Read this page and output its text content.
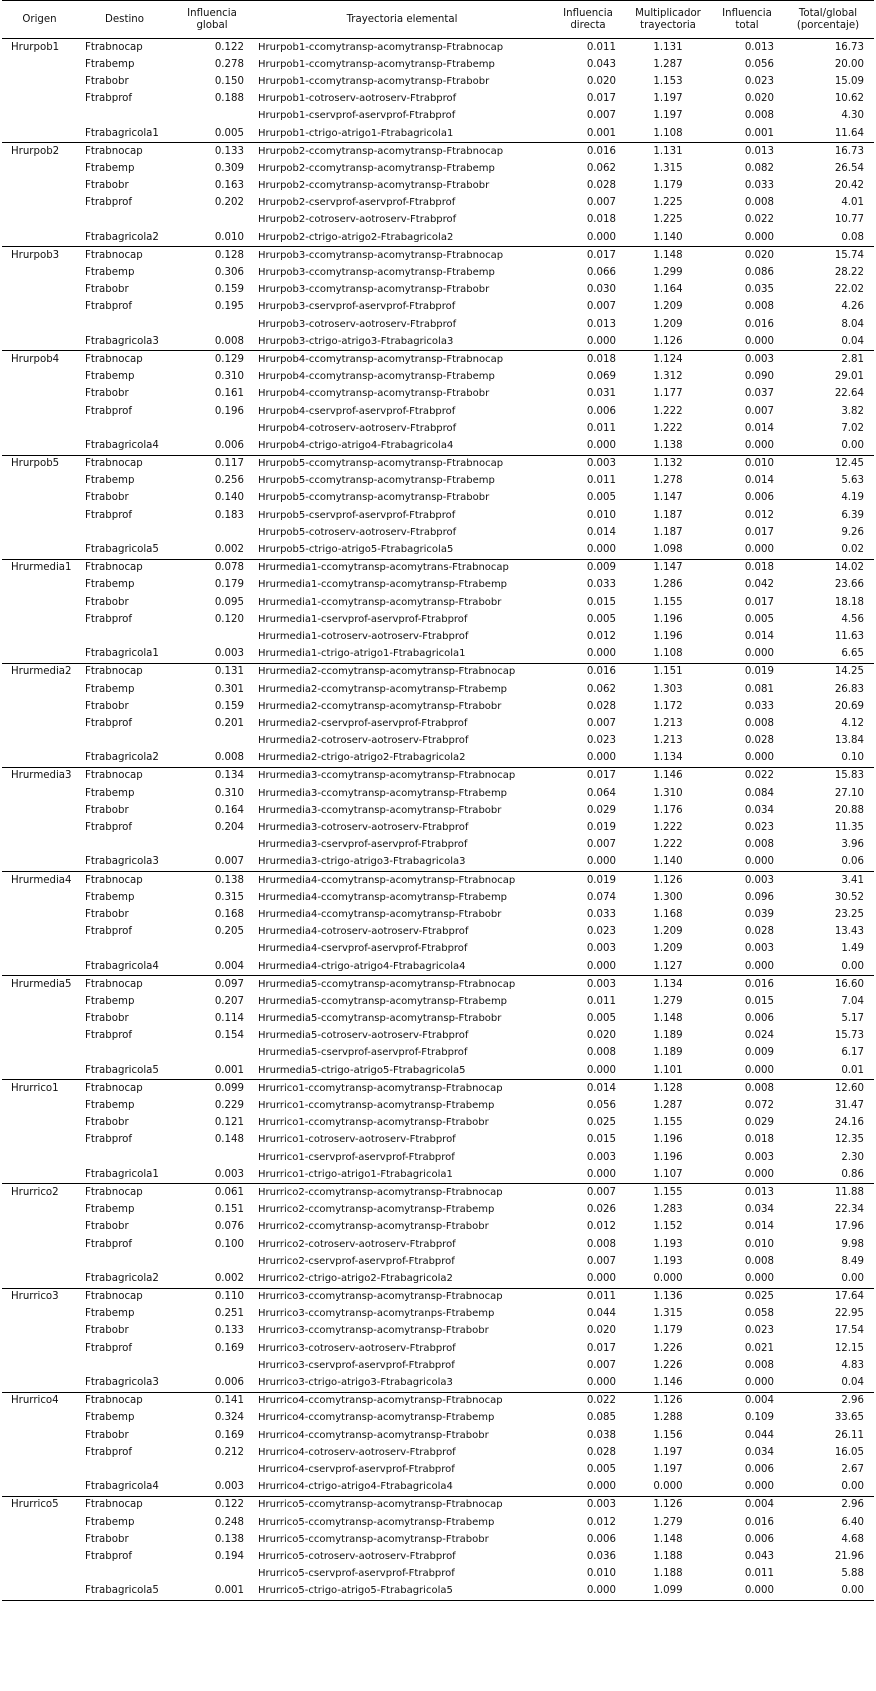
Origen	Destino	Influencia global	Trayectoria elemental	Influencia directa	Multiplicador trayectoria	Influencia total	Total/global (porcentaje)
Hrurpob1	Ftrabnocap	0.122	Hrurpob1-ccomytransp-acomytransp-Ftrabnocap	0.011	1.131	0.013	16.73
	Ftrabemp	0.278	Hrurpob1-ccomytransp-acomytransp-Ftrabemp	0.043	1.287	0.056	20.00
	Ftrabobr	0.150	Hrurpob1-ccomytransp-acomytransp-Ftrabobr	0.020	1.153	0.023	15.09
	Ftrabprof	0.188	Hrurpob1-cotroserv-aotroserv-Ftrabprof	0.017	1.197	0.020	10.62
			Hrurpob1-cservprof-aservprof-Ftrabprof	0.007	1.197	0.008	4.30
	Ftrabagricola1	0.005	Hrurpob1-ctrigo-atrigo1-Ftrabagricola1	0.001	1.108	0.001	11.64
Hrurpob2	Ftrabnocap	0.133	Hrurpob2-ccomytransp-acomytransp-Ftrabnocap	0.016	1.131	0.013	16.73
	Ftrabemp	0.309	Hrurpob2-ccomytransp-acomytransp-Ftrabemp	0.062	1.315	0.082	26.54
	Ftrabobr	0.163	Hrurpob2-ccomytransp-acomytransp-Ftrabobr	0.028	1.179	0.033	20.42
	Ftrabprof	0.202	Hrurpob2-cservprof-aservprof-Ftrabprof	0.007	1.225	0.008	4.01
			Hrurpob2-cotroserv-aotroserv-Ftrabprof	0.018	1.225	0.022	10.77
	Ftrabagricola2	0.010	Hrurpob2-ctrigo-atrigo2-Ftrabagricola2	0.000	1.140	0.000	0.08
Hrurpob3	Ftrabnocap	0.128	Hrurpob3-ccomytransp-acomytransp-Ftrabnocap	0.017	1.148	0.020	15.74
	Ftrabemp	0.306	Hrurpob3-ccomytransp-acomytransp-Ftrabemp	0.066	1.299	0.086	28.22
	Ftrabobr	0.159	Hrurpob3-ccomytransp-acomytransp-Ftrabobr	0.030	1.164	0.035	22.02
	Ftrabprof	0.195	Hrurpob3-cservprof-aservprof-Ftrabprof	0.007	1.209	0.008	4.26
			Hrurpob3-cotroserv-aotroserv-Ftrabprof	0.013	1.209	0.016	8.04
	Ftrabagricola3	0.008	Hrurpob3-ctrigo-atrigo3-Ftrabagricola3	0.000	1.126	0.000	0.04
Hrurpob4	Ftrabnocap	0.129	Hrurpob4-ccomytransp-acomytransp-Ftrabnocap	0.018	1.124	0.003	2.81
	Ftrabemp	0.310	Hrurpob4-ccomytransp-acomytransp-Ftrabemp	0.069	1.312	0.090	29.01
	Ftrabobr	0.161	Hrurpob4-ccomytransp-acomytransp-Ftrabobr	0.031	1.177	0.037	22.64
	Ftrabprof	0.196	Hrurpob4-cservprof-aservprof-Ftrabprof	0.006	1.222	0.007	3.82
			Hrurpob4-cotroserv-aotroserv-Ftrabprof	0.011	1.222	0.014	7.02
	Ftrabagricola4	0.006	Hrurpob4-ctrigo-atrigo4-Ftrabagricola4	0.000	1.138	0.000	0.00
Hrurpob5	Ftrabnocap	0.117	Hrurpob5-ccomytransp-acomytransp-Ftrabnocap	0.003	1.132	0.010	12.45
	Ftrabemp	0.256	Hrurpob5-ccomytransp-acomytransp-Ftrabemp	0.011	1.278	0.014	5.63
	Ftrabobr	0.140	Hrurpob5-ccomytransp-acomytransp-Ftrabobr	0.005	1.147	0.006	4.19
	Ftrabprof	0.183	Hrurpob5-cservprof-aservprof-Ftrabprof	0.010	1.187	0.012	6.39
			Hrurpob5-cotroserv-aotroserv-Ftrabprof	0.014	1.187	0.017	9.26
	Ftrabagricola5	0.002	Hrurpob5-ctrigo-atrigo5-Ftrabagricola5	0.000	1.098	0.000	0.02
Hrurmedia1	Ftrabnocap	0.078	Hrurmedia1-ccomytransp-acomytrans-Ftrabnocap	0.009	1.147	0.018	14.02
	Ftrabemp	0.179	Hrurmedia1-ccomytransp-acomytransp-Ftrabemp	0.033	1.286	0.042	23.66
	Ftrabobr	0.095	Hrurmedia1-ccomytransp-acomytransp-Ftrabobr	0.015	1.155	0.017	18.18
	Ftrabprof	0.120	Hrurmedia1-cservprof-aservprof-Ftrabprof	0.005	1.196	0.005	4.56
			Hrurmedia1-cotroserv-aotroserv-Ftrabprof	0.012	1.196	0.014	11.63
	Ftrabagricola1	0.003	Hrurmedia1-ctrigo-atrigo1-Ftrabagricola1	0.000	1.108	0.000	6.65
Hrurmedia2	Ftrabnocap	0.131	Hrurmedia2-ccomytransp-acomytransp-Ftrabnocap	0.016	1.151	0.019	14.25
	Ftrabemp	0.301	Hrurmedia2-ccomytransp-acomytransp-Ftrabemp	0.062	1.303	0.081	26.83
	Ftrabobr	0.159	Hrurmedia2-ccomytransp-acomytransp-Ftrabobr	0.028	1.172	0.033	20.69
	Ftrabprof	0.201	Hrurmedia2-cservprof-aservprof-Ftrabprof	0.007	1.213	0.008	4.12
			Hrurmedia2-cotroserv-aotroserv-Ftrabprof	0.023	1.213	0.028	13.84
	Ftrabagricola2	0.008	Hrurmedia2-ctrigo-atrigo2-Ftrabagricola2	0.000	1.134	0.000	0.10
Hrurmedia3	Ftrabnocap	0.134	Hrurmedia3-ccomytransp-acomytransp-Ftrabnocap	0.017	1.146	0.022	15.83
	Ftrabemp	0.310	Hrurmedia3-ccomytransp-acomytransp-Ftrabemp	0.064	1.310	0.084	27.10
	Ftrabobr	0.164	Hrurmedia3-ccomytransp-acomytransp-Ftrabobr	0.029	1.176	0.034	20.88
	Ftrabprof	0.204	Hrurmedia3-cotroserv-aotroserv-Ftrabprof	0.019	1.222	0.023	11.35
			Hrurmedia3-cservprof-aservprof-Ftrabprof	0.007	1.222	0.008	3.96
	Ftrabagricola3	0.007	Hrurmedia3-ctrigo-atrigo3-Ftrabagricola3	0.000	1.140	0.000	0.06
Hrurmedia4	Ftrabnocap	0.138	Hrurmedia4-ccomytransp-acomytransp-Ftrabnocap	0.019	1.126	0.003	3.41
	Ftrabemp	0.315	Hrurmedia4-ccomytransp-acomytransp-Ftrabemp	0.074	1.300	0.096	30.52
	Ftrabobr	0.168	Hrurmedia4-ccomytransp-acomytransp-Ftrabobr	0.033	1.168	0.039	23.25
	Ftrabprof	0.205	Hrurmedia4-cotroserv-aotroserv-Ftrabprof	0.023	1.209	0.028	13.43
			Hrurmedia4-cservprof-aservprof-Ftrabprof	0.003	1.209	0.003	1.49
	Ftrabagricola4	0.004	Hrurmedia4-ctrigo-atrigo4-Ftrabagricola4	0.000	1.127	0.000	0.00
Hrurmedia5	Ftrabnocap	0.097	Hrurmedia5-ccomytransp-acomytransp-Ftrabnocap	0.003	1.134	0.016	16.60
	Ftrabemp	0.207	Hrurmedia5-ccomytransp-acomytransp-Ftrabemp	0.011	1.279	0.015	7.04
	Ftrabobr	0.114	Hrurmedia5-ccomytransp-acomytransp-Ftrabobr	0.005	1.148	0.006	5.17
	Ftrabprof	0.154	Hrurmedia5-cotroserv-aotroserv-Ftrabprof	0.020	1.189	0.024	15.73
			Hrurmedia5-cservprof-aservprof-Ftrabprof	0.008	1.189	0.009	6.17
	Ftrabagricola5	0.001	Hrurmedia5-ctrigo-atrigo5-Ftrabagricola5	0.000	1.101	0.000	0.01
Hrurrico1	Ftrabnocap	0.099	Hrurrico1-ccomytransp-acomytransp-Ftrabnocap	0.014	1.128	0.008	12.60
	Ftrabemp	0.229	Hrurrico1-ccomytransp-acomytransp-Ftrabemp	0.056	1.287	0.072	31.47
	Ftrabobr	0.121	Hrurrico1-ccomytransp-acomytransp-Ftrabobr	0.025	1.155	0.029	24.16
	Ftrabprof	0.148	Hrurrico1-cotroserv-aotroserv-Ftrabprof	0.015	1.196	0.018	12.35
			Hrurrico1-cservprof-aservprof-Ftrabprof	0.003	1.196	0.003	2.30
	Ftrabagricola1	0.003	Hrurrico1-ctrigo-atrigo1-Ftrabagricola1	0.000	1.107	0.000	0.86
Hrurrico2	Ftrabnocap	0.061	Hrurrico2-ccomytransp-acomytransp-Ftrabnocap	0.007	1.155	0.013	11.88
	Ftrabemp	0.151	Hrurrico2-ccomytransp-acomytransp-Ftrabemp	0.026	1.283	0.034	22.34
	Ftrabobr	0.076	Hrurrico2-ccomytransp-acomytransp-Ftrabobr	0.012	1.152	0.014	17.96
	Ftrabprof	0.100	Hrurrico2-cotroserv-aotroserv-Ftrabprof	0.008	1.193	0.010	9.98
			Hrurrico2-cservprof-aservprof-Ftrabprof	0.007	1.193	0.008	8.49
	Ftrabagricola2	0.002	Hrurrico2-ctrigo-atrigo2-Ftrabagricola2	0.000	0.000	0.000	0.00
Hrurrico3	Ftrabnocap	0.110	Hrurrico3-ccomytransp-acomytransp-Ftrabnocap	0.011	1.136	0.025	17.64
	Ftrabemp	0.251	Hrurrico3-ccomytransp-acomytranps-Ftrabemp	0.044	1.315	0.058	22.95
	Ftrabobr	0.133	Hrurrico3-ccomytransp-acomytransp-Ftrabobr	0.020	1.179	0.023	17.54
	Ftrabprof	0.169	Hrurrico3-cotroserv-aotroserv-Ftrabprof	0.017	1.226	0.021	12.15
			Hrurrico3-cservprof-aservprof-Ftrabprof	0.007	1.226	0.008	4.83
	Ftrabagricola3	0.006	Hrurrico3-ctrigo-atrigo3-Ftrabagricola3	0.000	1.146	0.000	0.04
Hrurrico4	Ftrabnocap	0.141	Hrurrico4-ccomytransp-acomytransp-Ftrabnocap	0.022	1.126	0.004	2.96
	Ftrabemp	0.324	Hrurrico4-ccomytransp-acomytransp-Ftrabemp	0.085	1.288	0.109	33.65
	Ftrabobr	0.169	Hrurrico4-ccomytransp-acomytransp-Ftrabobr	0.038	1.156	0.044	26.11
	Ftrabprof	0.212	Hrurrico4-cotroserv-aotroserv-Ftrabprof	0.028	1.197	0.034	16.05
			Hrurrico4-cservprof-aservprof-Ftrabprof	0.005	1.197	0.006	2.67
	Ftrabagricola4	0.003	Hrurrico4-ctrigo-atrigo4-Ftrabagricola4	0.000	0.000	0.000	0.00
Hrurrico5	Ftrabnocap	0.122	Hrurrico5-ccomytransp-acomytransp-Ftrabnocap	0.003	1.126	0.004	2.96
	Ftrabemp	0.248	Hrurrico5-ccomytransp-acomytransp-Ftrabemp	0.012	1.279	0.016	6.40
	Ftrabobr	0.138	Hrurrico5-ccomytransp-acomytransp-Ftrabobr	0.006	1.148	0.006	4.68
	Ftrabprof	0.194	Hrurrico5-cotroserv-aotroserv-Ftrabprof	0.036	1.188	0.043	21.96
			Hrurrico5-cservprof-aservprof-Ftrabprof	0.010	1.188	0.011	5.88
	Ftrabagricola5	0.001	Hrurrico5-ctrigo-atrigo5-Ftrabagricola5	0.000	1.099	0.000	0.00
